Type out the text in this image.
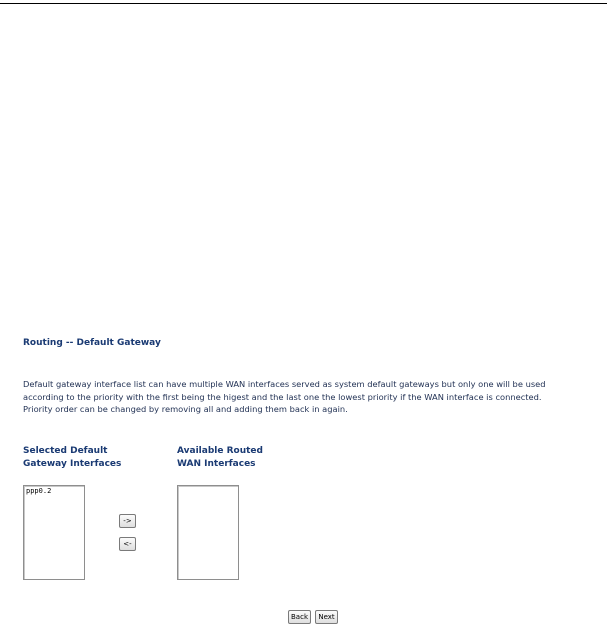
Routing -- Default Gateway
Default gateway interface list can have multiple WAN interfaces served as system default gateways but only one will be used
according to the priority with the first being the higest and the last one the lowest priority if the WAN interface is connected.
Priority order can be changed by removing all and adding them back in again.
Selected Default
Gateway Interfaces
Available Routed
WAN Interfaces
ppp0.2
->
<-
Back	Next
